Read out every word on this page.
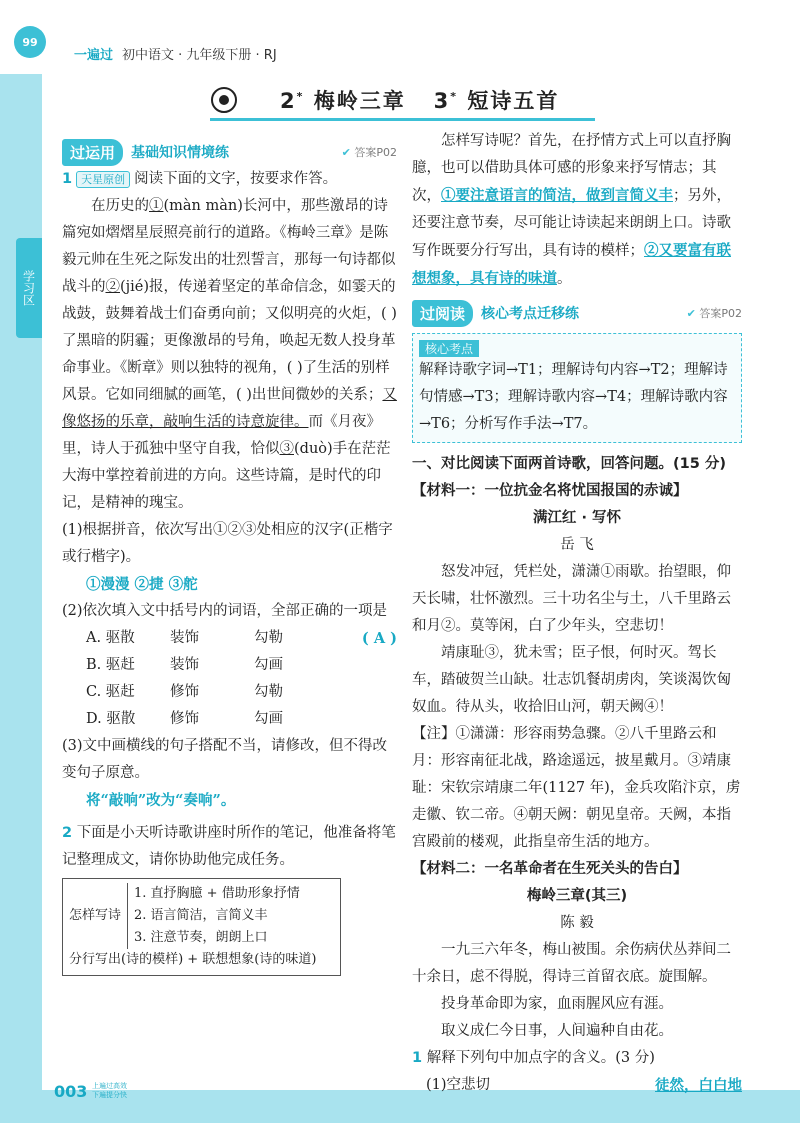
99
一遍过 初中语文 · 九年级下册 · RJ
学习区
2* 梅岭三章 3* 短诗五首
过运用	基础知识情境练	✔ 答案P02

1 天星原创 阅读下面的文字，按要求作答。

在历史的①(màn màn)长河中，那些激昂的诗篇宛如熠熠星辰照亮前行的道路。《梅岭三章》是陈毅元帅在生死之际发出的壮烈誓言，那每一句诗都似战斗的②(jié)报，传递着坚定的革命信念，如霎天的战鼓，鼓舞着战士们奋勇向前；又似明亮的火炬，( )了黑暗的阴霾；更像激昂的号角，唤起无数人投身革命事业。《断章》则以独特的视角，( )了生活的别样风景。它如同细腻的画笔，( )出世间微妙的关系；又像悠扬的乐章，敲响生活的诗意旋律。而《月夜》里，诗人于孤独中坚守自我，恰似③(duò)手在茫茫大海中掌控着前进的方向。这些诗篇，是时代的印记，是精神的瑰宝。

(1)根据拼音，依次写出①②③处相应的汉字(正楷字或行楷字)。

①漫漫 ②捷 ③舵

(2)依次填入文中括号内的词语，全部正确的一项是
( A )

A. 驱散	装饰	勾勒
B. 驱赶	装饰	勾画
C. 驱赶	修饰	勾勒
D. 驱散	修饰	勾画

(3)文中画横线的句子搭配不当，请修改，但不得改变句子原意。

将“敲响”改为“奏响”。

2 下面是小天听诗歌讲座时所作的笔记，他准备将笔记整理成文，请你协助他完成任务。

怎样写诗
1. 直抒胸臆 + 借助形象抒情
2. 语言简洁，言简义丰
3. 注意节奏，朗朗上口
分行写出(诗的模样) + 联想想象(诗的味道)

怎样写诗呢？首先，在抒情方式上可以直抒胸臆，也可以借助具体可感的形象来抒写情志；其次，①要注意语言的简洁，做到言简义丰；另外，还要注意节奏，尽可能让诗读起来朗朗上口。诗歌写作既要分行写出，具有诗的模样；②又要富有联想想象，具有诗的味道。

过阅读	核心考点迁移练	✔ 答案P02
核心考点

解释诗歌字词→T1；理解诗句内容→T2；理解诗句情感→T3；理解诗歌内容→T4；理解诗歌内容→T6；分析写作手法→T7。

一、对比阅读下面两首诗歌，回答问题。(15 分)

【材料一：一位抗金名将忧国报国的赤诚】

满江红 · 写怀

岳 飞

怒发冲冠，凭栏处，潇潇①雨歇。抬望眼，仰天长啸，壮怀激烈。三十功名尘与土，八千里路云和月②。莫等闲，白了少年头，空悲切！

靖康耻③，犹未雪；臣子恨，何时灭。驾长车，踏破贺兰山缺。壮志饥餐胡虏肉，笑谈渴饮匈奴血。待从头，收拾旧山河，朝天阙④！

【注】①潇潇：形容雨势急骤。②八千里路云和月：形容南征北战，路途遥远，披星戴月。③靖康耻：宋钦宗靖康二年(1127 年)，金兵攻陷汴京，虏走徽、钦二帝。④朝天阙：朝见皇帝。天阙，本指宫殿前的楼观，此指皇帝生活的地方。

【材料二：一名革命者在生死关头的告白】

梅岭三章(其三)

陈 毅

一九三六年冬，梅山被围。余伤病伏丛莽间二十余日，虑不得脱，得诗三首留衣底。旋围解。

投身革命即为家，血雨腥风应有涯。

取义成仁今日事，人间遍种自由花。

1 解释下列句中加点字的含义。(3 分)

(1)空悲切	徒然，白白地

003 上遍过高效
下遍提分快
